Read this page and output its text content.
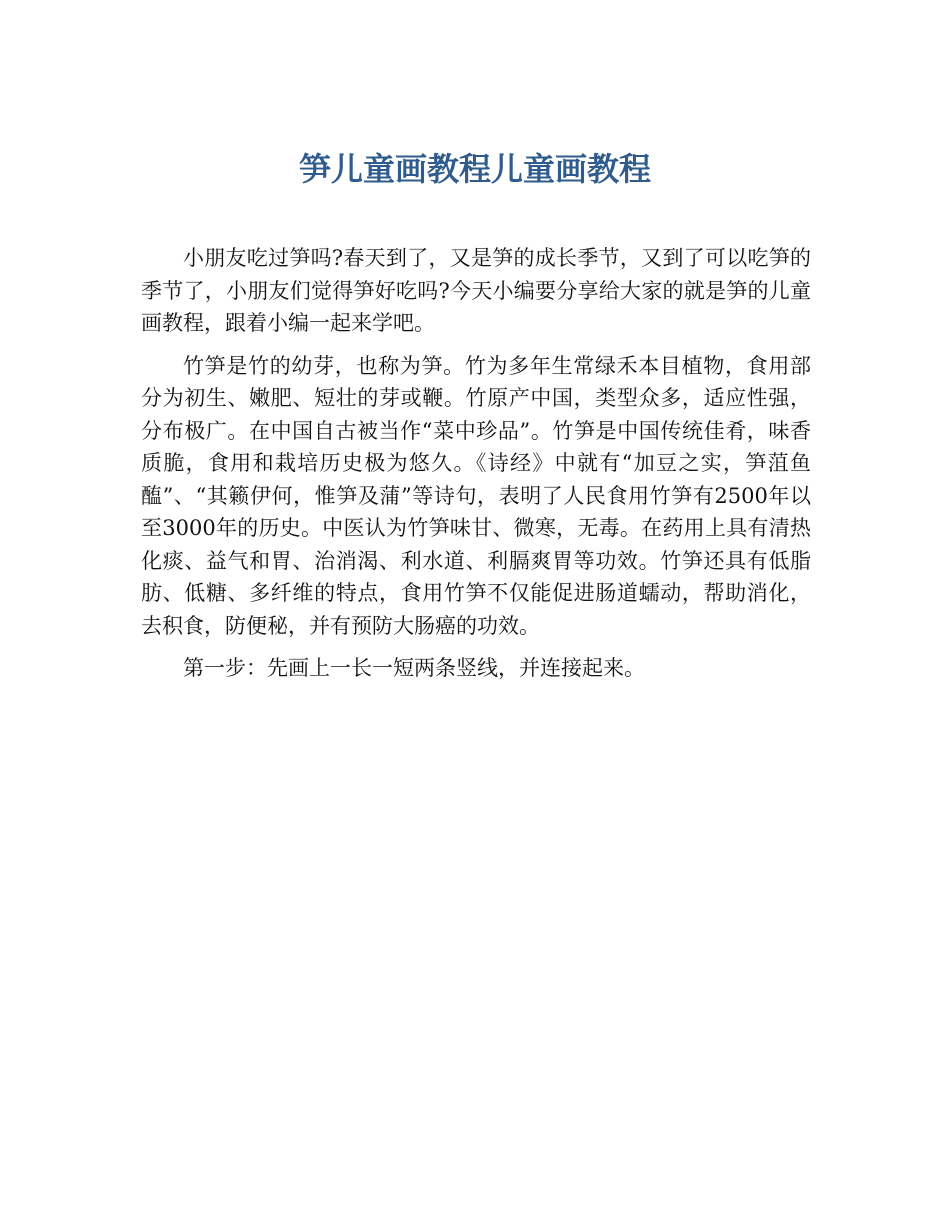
笋儿童画教程儿童画教程

小朋友吃过笋吗?春天到了，又是笋的成长季节，又到了可以吃笋的季节了，小朋友们觉得笋好吃吗?今天小编要分享给大家的就是笋的儿童画教程，跟着小编一起来学吧。

竹笋是竹的幼芽，也称为笋。竹为多年生常绿禾本目植物，食用部分为初生、嫩肥、短壮的芽或鞭。竹原产中国，类型众多，适应性强，分布极广。在中国自古被当作“菜中珍品”。竹笋是中国传统佳肴，味香质脆，食用和栽培历史极为悠久。《诗经》中就有“加豆之实，笋菹鱼醢”、“其籁伊何，惟笋及蒲”等诗句，表明了人民食用竹笋有2500年以至3000年的历史。中医认为竹笋味甘、微寒，无毒。在药用上具有清热化痰、益气和胃、治消渴、利水道、利膈爽胃等功效。竹笋还具有低脂肪、低糖、多纤维的特点，食用竹笋不仅能促进肠道蠕动，帮助消化，去积食，防便秘，并有预防大肠癌的功效。

第一步：先画上一长一短两条竖线，并连接起来。
